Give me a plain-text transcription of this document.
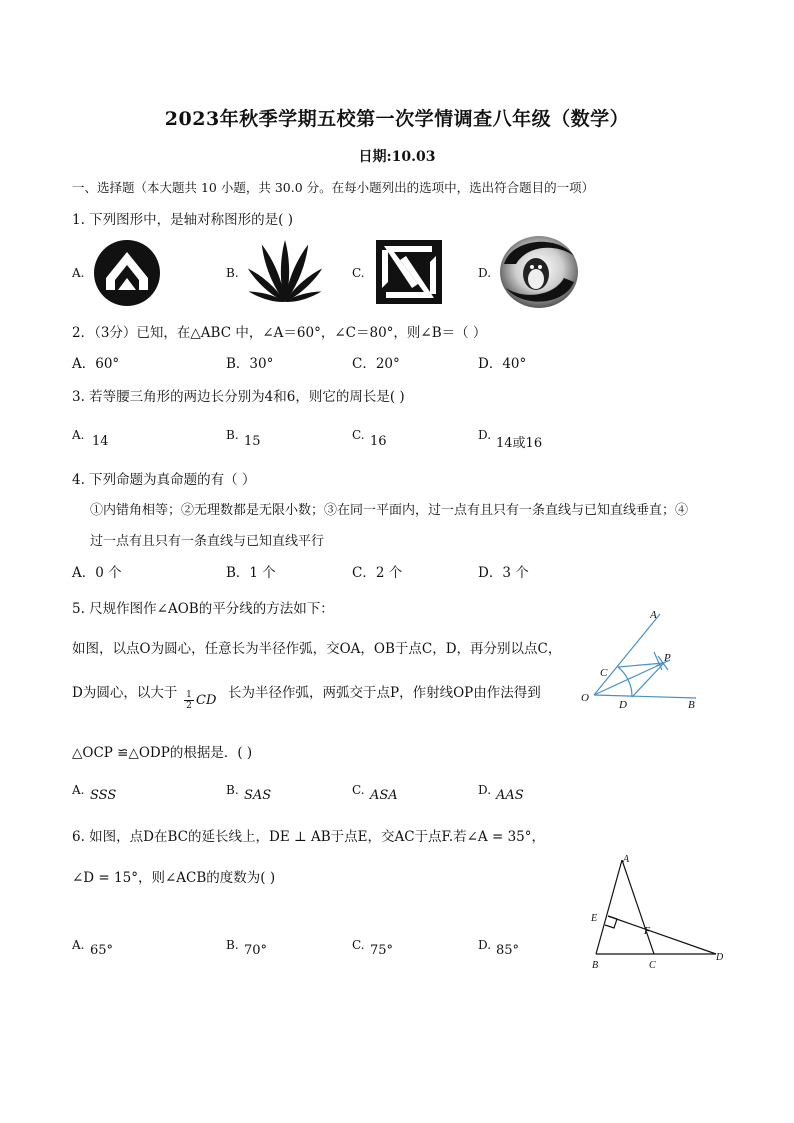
2023年秋季学期五校第一次学情调查八年级（数学）
日期:10.03
一、选择题（本大题共 10 小题，共 30.0 分。在每小题列出的选项中，选出符合题目的一项）
1. 下列图形中，是轴对称图形的是( )
A.	B.	C.	D.
2．（3分）已知，在△ABC 中，∠A＝60°，∠C＝80°，则∠B＝（ ）
A．60°	B．30°	C．20°	D．40°
3. 若等腰三角形的两边长分别为4和6，则它的周长是( )
A. 14	B. 15	C. 16	D.
14或16
4. 下列命题为真命题的有（ ）
①内错角相等；②无理数都是无限小数；③在同一平面内，过一点有且只有一条直线与已知直线垂直；④
过一点有且只有一条直线与已知直线平行
A．0 个	B．1 个	C．2 个	D．3 个
5. 尺规作图作∠AOB的平分线的方法如下：
如图，以点O为圆心，任意长为半径作弧，交OA，OB于点C，D，再分别以点C，
D为圆心，以大于 $\frac{1}{2}$ CD 长为半径作弧，两弧交于点P，作射线OP由作法得到
△OCP ≌△ODP的根据是．( )
A. SSS	B. SAS	C. ASA	D. AAS
A
P
C
O
D	B
6. 如图，点D在BC的延长线上，DE ⊥ AB于点E，交AC于点F.若∠A = 35°，
∠D = 15°，则∠ACB的度数为( )
A. 65°	B. 70°	C. 75°	D. 85°
A
E
F
B	C
D
